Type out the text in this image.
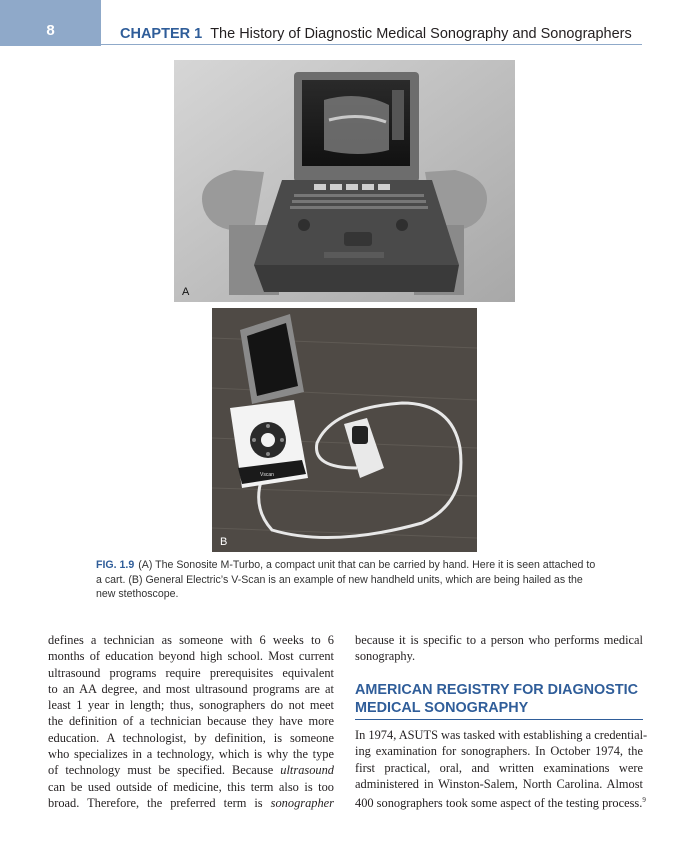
8	CHAPTER 1 The History of Diagnostic Medical Sonography and Sonographers
A
Vscan
B
FIG. 1.9 (A) The Sonosite M-Turbo, a compact unit that can be carried by hand. Here it is seen attached to a cart. (B) General Electric’s V-Scan is an example of new handheld units, which are being hailed as the new stethoscope.
defines a technician as someone with 6 weeks to 6
months of education beyond high school. Most current
ultrasound programs require prerequisites equivalent
to an AA degree, and most ultrasound programs are at
least 1 year in length; thus, sonographers do not meet
the definition of a technician because they have more
education. A technologist, by definition, is someone
who specializes in a technology, which is why the type
of technology must be specified. Because ultrasound
can be used outside of medicine, this term also is too
broad. Therefore, the preferred term is sonographer
because it is specific to a person who performs medical
sonography.
AMERICAN REGISTRY FOR DIAGNOSTIC
MEDICAL SONOGRAPHY
In 1974, ASUTS was tasked with establishing a credential-
ing examination for sonographers. In October 1974, the
first practical, oral, and written examinations were
administered in Winston-Salem, North Carolina. Almost
400 sonographers took some aspect of the testing process.$^9$
